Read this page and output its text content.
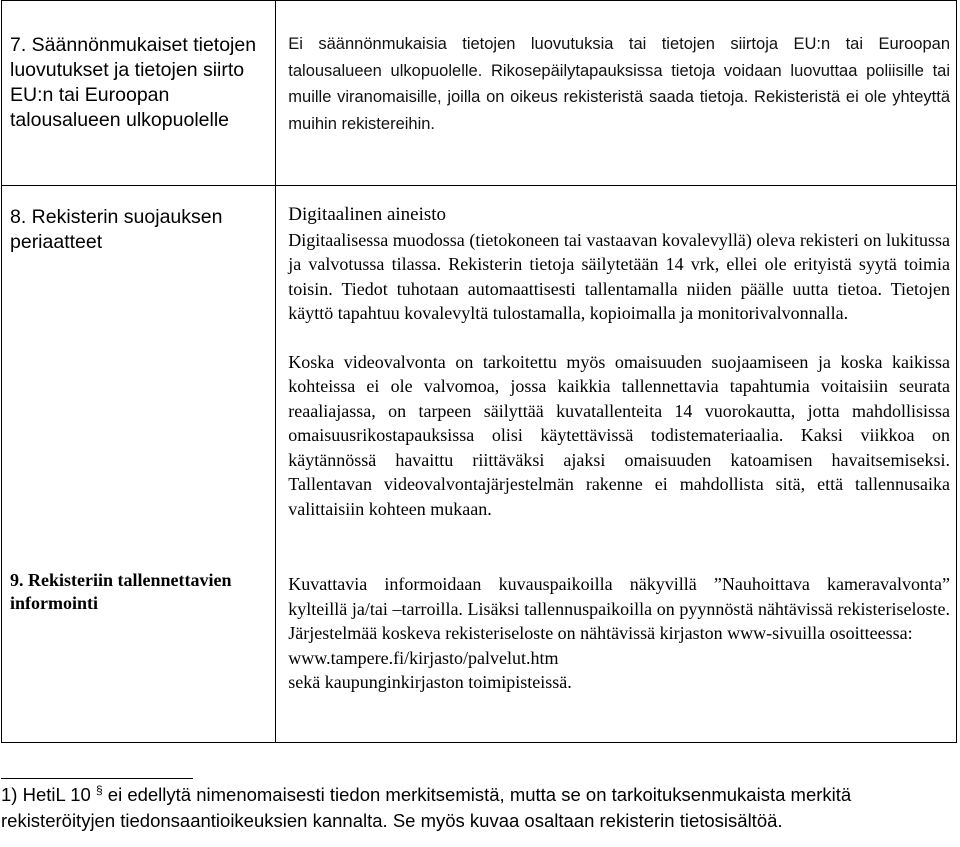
7. Säännönmukaiset tietojen luovutukset ja tietojen siirto EU:n tai Euroopan talousalueen ulkopuolelle	Ei säännönmukaisia tietojen luovutuksia tai tietojen siirtoja EU:n tai Euroopan talousalueen ulkopuolelle. Rikosepäilytapauksissa tietoja voidaan luovuttaa poliisille tai muille viranomaisille, joilla on oikeus rekisteristä saada tietoja. Rekisteristä ei ole yhteyttä muihin rekistereihin.

8. Rekisterin suojauksen periaatteet	Digitaalinen aineisto

Digitaalisessa muodossa (tietokoneen tai vastaavan kovalevyllä) oleva rekisteri on lukitussa ja valvotussa tilassa. Rekisterin tietoja säilytetään 14 vrk, ellei ole erityistä syytä toimia toisin. Tiedot tuhotaan automaattisesti tallentamalla niiden päälle uutta tietoa. Tietojen käyttö tapahtuu kovalevyltä tulostamalla, kopioimalla ja monitorivalvonnalla.

Koska videovalvonta on tarkoitettu myös omaisuuden suojaamiseen ja koska kaikissa kohteissa ei ole valvomoa, jossa kaikkia tallennettavia tapahtumia voitaisiin seurata reaaliajassa, on tarpeen säilyttää kuvatallenteita 14 vuorokautta, jotta mahdollisissa omaisuusrikostapauksissa olisi käytettävissä todistemateriaalia. Kaksi viikkoa on käytännössä havaittu riittäväksi ajaksi omaisuuden katoamisen havaitsemiseksi. Tallentavan videovalvontajärjestelmän rakenne ei mahdollista sitä, että tallennusaika valittaisiin kohteen mukaan.

9. Rekisteriin tallennettavien informointi	Kuvattavia informoidaan kuvauspaikoilla näkyvillä ”Nauhoittava kameravalvonta” kylteillä ja/tai –tarroilla. Lisäksi tallennuspaikoilla on pyynnöstä nähtävissä rekisteriseloste. Järjestelmää koskeva rekisteriseloste on nähtävissä kirjaston www-sivuilla osoitteessa:

www.tampere.fi/kirjasto/palvelut.htm
sekä kaupunginkirjaston toimipisteissä.
1) HetiL 10 § ei edellytä nimenomaisesti tiedon merkitsemistä, mutta se on tarkoituksenmukaista merkitä rekisteröityjen tiedonsaantioikeuksien kannalta. Se myös kuvaa osaltaan rekisterin tietosisältöä.
